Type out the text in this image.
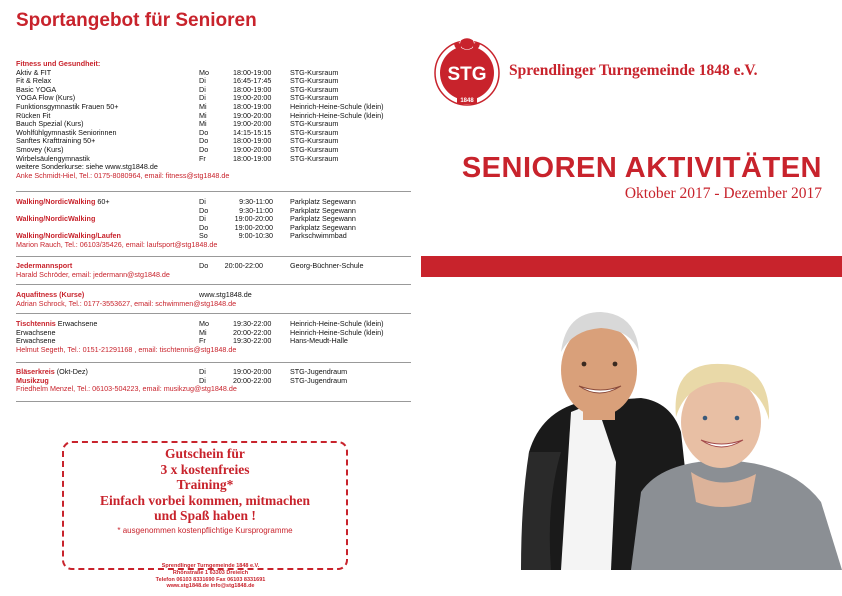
Sportangebot für Senioren
Fitness und Gesundheit:
Aktiv & FIT	Mo	18:00-19:00	STG-Kursraum
Fit & Relax	Di	16:45-17:45	STG-Kursraum
Basic YOGA	Di	18:00-19:00	STG-Kursraum
YOGA Flow (Kurs)	Di	19:00-20:00	STG-Kursraum
Funktionsgymnastik Frauen 50+	Mi	18:00-19:00	Heinrich-Heine-Schule (klein)
Rücken Fit	Mi	19:00-20:00	Heinrich-Heine-Schule (klein)
Bauch Spezial (Kurs)	Mi	19:00-20:00	STG-Kursraum
Wohlfühlgymnastik Seniorinnen	Do	14:15-15:15	STG-Kursraum
Sanftes Krafttraining 50+	Do	18:00-19:00	STG-Kursraum
Smovey (Kurs)	Do	19:00-20:00	STG-Kursraum
Wirbelsäulengymnastik	Fr	18:00-19:00	STG-Kursraum
weitere Sonderkurse: siehe www.stg1848.de
Anke Schmidt-Hiel, Tel.: 0175-8080964, email: fitness@stg1848.de
Walking/NordicWalking 60+	Di	9:30-11:00 Parkplatz Segewann
Do	9:30-11:00 Parkplatz Segewann
Walking/NordicWalking	Di	19:00-20:00 Parkplatz Segewann
Do	19:00-20:00 Parkplatz Segewann
Walking/NordicWalking/Laufen	So	9:00-10:30 Parkschwimmbad
Marion Rauch, Tel.: 06103/35426, email: laufsport@stg1848.de
Jedermannsport	Do	20:00-22:00	Georg-Büchner-Schule
Harald Schröder, email: jedermann@stg1848.de
Aquafitness (Kurse)	www.stg1848.de
Adrian Schrock, Tel.: 0177-3553627, email: schwimmen@stg1848.de
Tischtennis Erwachsene	Mo	19:30-22:00	Heinrich-Heine-Schule (klein)
Erwachsene	Mi	20:00-22:00	Heinrich-Heine-Schule (klein)
Erwachsene	Fr	19:30-22:00	Hans-Meudt-Halle
Helmut Segeth, Tel.: 0151-21291168 , email: tischtennis@stg1848.de
Bläserkreis (Okt-Dez)	Di	19:00-20:00	STG-Jugendraum
Musikzug	Di	20:00-22:00	STG-Jugendraum
Friedhelm Menzel, Tel.: 06103-504223, email: musikzug@stg1848.de
Gutschein für
3 x kostenfreies
Training*
Einfach vorbei kommen, mitmachen
und Spaß haben !
* ausgenommen kostenpflichtige Kursprogramme
Sprendlinger Turngemeinde 1848 e.V.
Rhönstraße 1 63303 Dreieich
Telefon 06103 8331690 Fax 06103 8331691
www.stg1848.de info@stg1848.de
STG
1848
Sprendlinger Turngemeinde 1848 e.V.
SENIOREN AKTIVITÄTEN
Oktober 2017 - Dezember 2017
